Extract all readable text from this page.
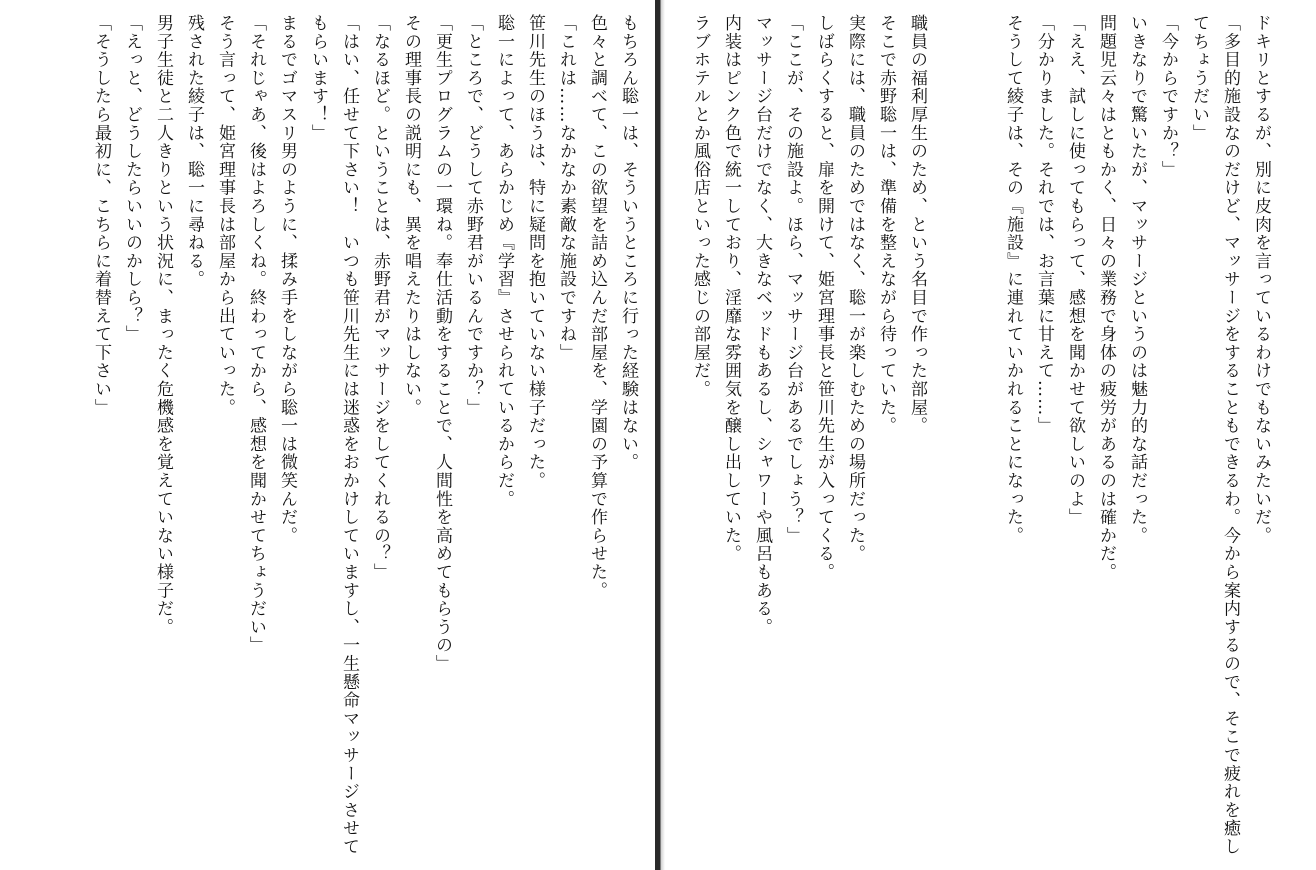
もちろん聡一は、そういうところに行った経験はない。

色々と調べて、この欲望を詰め込んだ部屋を、学園の予算で作らせた。

「これは……なかなか素敵な施設ですね」

笹川先生のほうは、特に疑問を抱いていない様子だった。

聡一によって、あらかじめ『学習』させられているからだ。

「ところで、どうして赤野君がいるんですか？」

「更生プログラムの一環ね。奉仕活動をすることで、人間性を高めてもらうの」

その理事長の説明にも、異を唱えたりはしない。

「なるほど。ということは、赤野君がマッサージをしてくれるの？」

「はい、任せて下さい！　いつも笹川先生には迷惑をおかけしていますし、一生懸命マッサージさせてもらいます！」

まるでゴマスリ男のように、揉み手をしながら聡一は微笑んだ。

「それじゃあ、後はよろしくね。終わってから、感想を聞かせてちょうだい」

そう言って、姫宮理事長は部屋から出ていった。

残された綾子は、聡一に尋ねる。

男子生徒と二人きりという状況に、まったく危機感を覚えていない様子だ。

「えっと、どうしたらいいのかしら？」

「そうしたら最初に、こちらに着替えて下さい」	ドキリとするが、別に皮肉を言っているわけでもないみたいだ。

「多目的施設なのだけど、マッサージをすることもできるわ。今から案内するので、そこで疲れを癒してちょうだい」

「今からですか？」

いきなりで驚いたが、マッサージというのは魅力的な話だった。

問題児云々はともかく、日々の業務で身体の疲労があるのは確かだ。

「ええ、試しに使ってもらって、感想を聞かせて欲しいのよ」

「分かりました。それでは、お言葉に甘えて……」

そうして綾子は、その『施設』に連れていかれることになった。

職員の福利厚生のため、という名目で作った部屋。

そこで赤野聡一は、準備を整えながら待っていた。

実際には、職員のためではなく、聡一が楽しむための場所だった。

しばらくすると、扉を開けて、姫宮理事長と笹川先生が入ってくる。

「ここが、その施設よ。ほら、マッサージ台があるでしょう？」

マッサージ台だけでなく、大きなベッドもあるし、シャワーや風呂もある。

内装はピンク色で統一しており、淫靡な雰囲気を醸し出していた。

ラブホテルとか風俗店といった感じの部屋だ。
